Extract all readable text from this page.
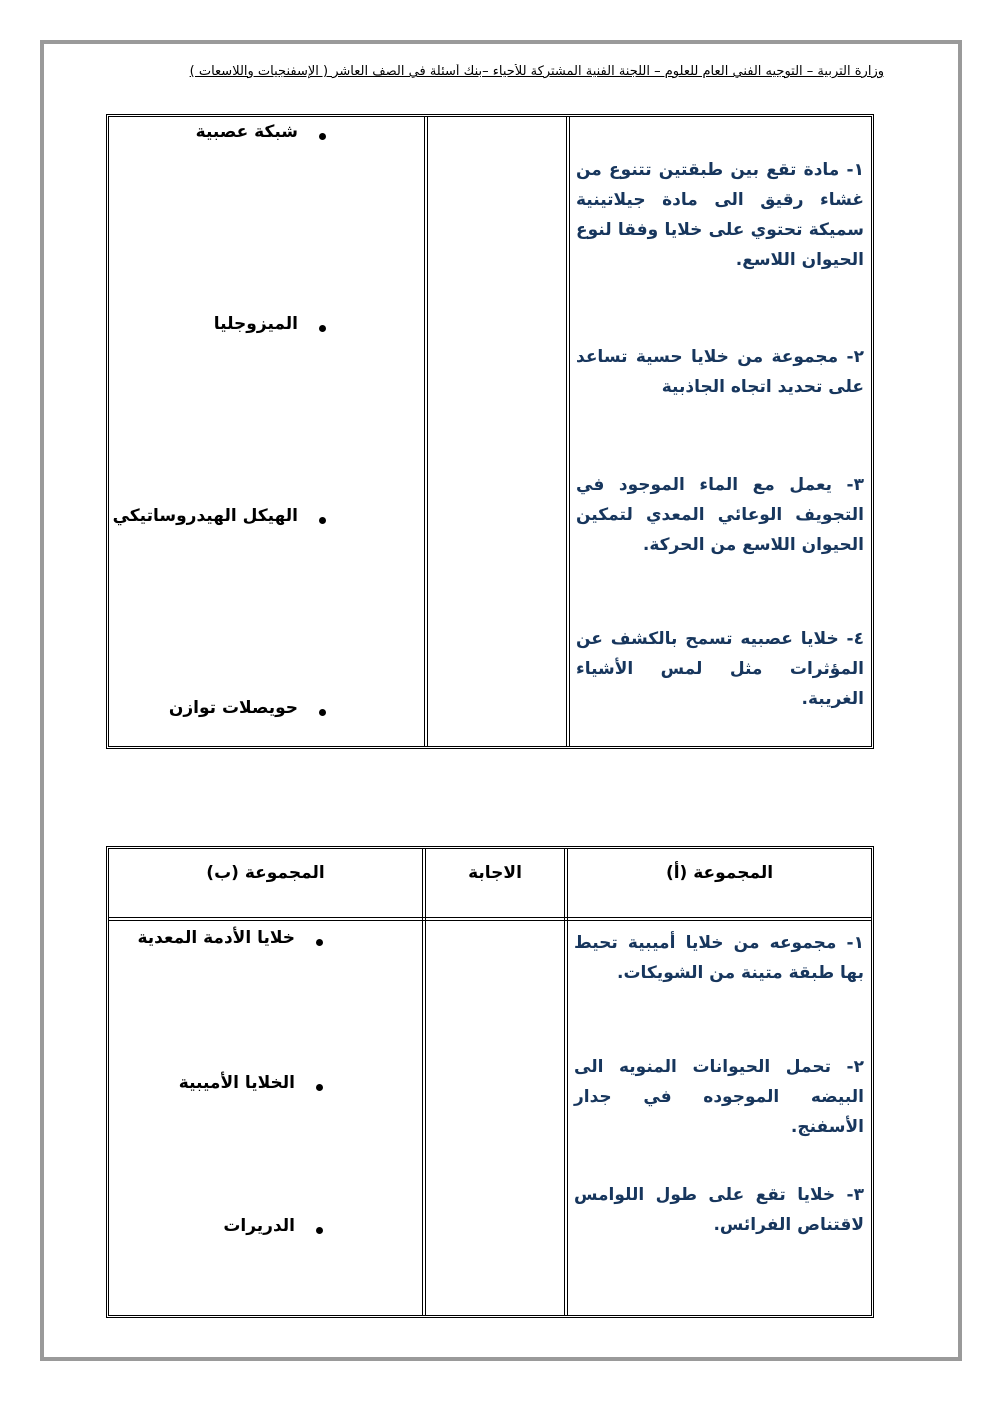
وزارة التربية – التوجيه الفني العام للعلوم – اللجنة الفنية المشتركة للأحياء –بنك أسئلة في الصف العاشر ( الإسفنجيات واللاسعات )
١- مادة تقع بين طبقتين تتنوع من غشاء رقيق الى مادة جيلاتينية سميكة تحتوي على خلايا وفقا لنوع الحيوان اللاسع.
٢- مجموعة من خلايا حسية تساعد على تحديد اتجاه الجاذبية
٣- يعمل مع الماء الموجود في التجويف الوعائي المعدي لتمكين الحيوان اللاسع من الحركة.
٤- خلايا عصبيه تسمح بالكشف عن المؤثرات مثل لمس الأشياء الغريبة.
شبكة عصبية
الميزوجليا
الهيكل الهيدروساتيكي
حويصلات توازن
المجموعة (أ)
الاجابة
المجموعة (ب)
١- مجموعه من خلايا أميبية تحيط بها طبقة متينة من الشويكات.
٢- تحمل الحيوانات المنويه الى البيضه الموجوده في جدار الأسفنج.
٣- خلايا تقع على طول اللوامس لاقتناص الفرائس.
خلايا الأدمة المعدية
الخلايا الأميبية
الدريرات
